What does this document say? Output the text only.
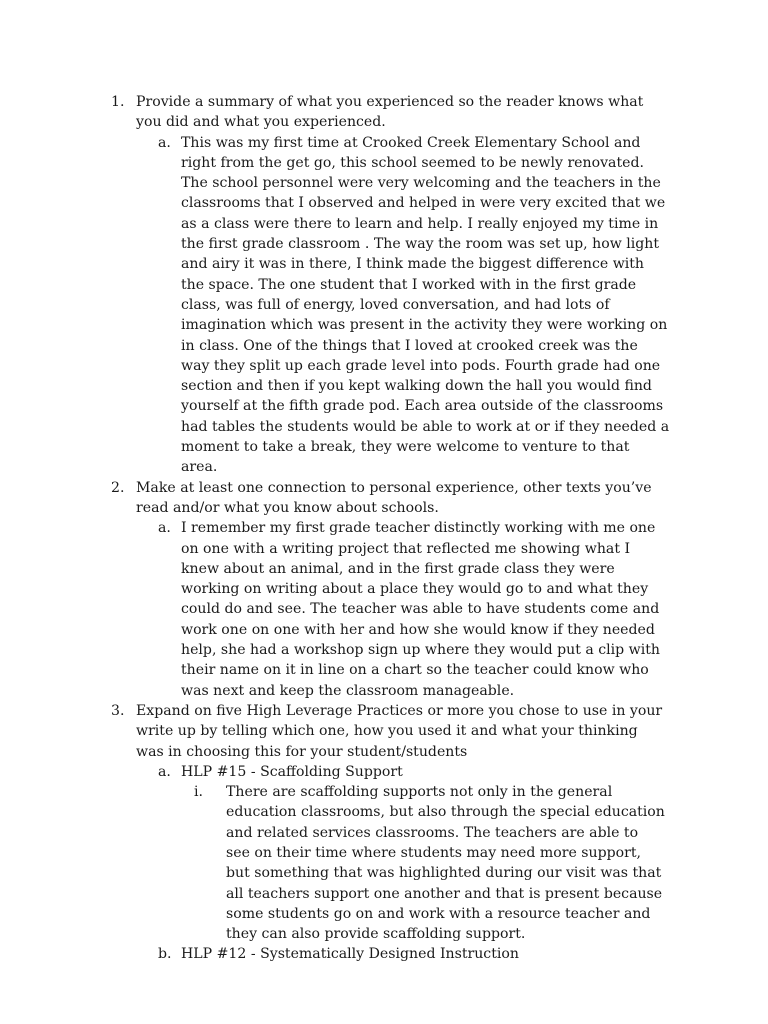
1. Provide a summary of what you experienced so the reader knows what you did and what you experienced.
a. This was my first time at Crooked Creek Elementary School and right from the get go, this school seemed to be newly renovated. The school personnel were very welcoming and the teachers in the classrooms that I observed and helped in were very excited that we as a class were there to learn and help. I really enjoyed my time in the first grade classroom . The way the room was set up, how light and airy it was in there, I think made the biggest difference with the space. The one student that I worked with in the first grade class, was full of energy, loved conversation, and had lots of imagination which was present in the activity they were working on in class. One of the things that I loved at crooked creek was the way they split up each grade level into pods. Fourth grade had one section and then if you kept walking down the hall you would find yourself at the fifth grade pod. Each area outside of the classrooms had tables the students would be able to work at or if they needed a moment to take a break, they were welcome to venture to that area.
2. Make at least one connection to personal experience, other texts you’ve read and/or what you know about schools.
a. I remember my first grade teacher distinctly working with me one on one with a writing project that reflected me showing what I knew about an animal, and in the first grade class they were working on writing about a place they would go to and what they could do and see. The teacher was able to have students come and work one on one with her and how she would know if they needed help, she had a workshop sign up where they would put a clip with their name on it in line on a chart so the teacher could know who was next and keep the classroom manageable.
3. Expand on five High Leverage Practices or more you chose to use in your write up by telling which one, how you used it and what your thinking was in choosing this for your student/students
a. HLP #15 - Scaffolding Support
i. There are scaffolding supports not only in the general education classrooms, but also through the special education and related services classrooms. The teachers are able to see on their time where students may need more support, but something that was highlighted during our visit was that all teachers support one another and that is present because some students go on and work with a resource teacher and they can also provide scaffolding support.
b. HLP #12 - Systematically Designed Instruction
